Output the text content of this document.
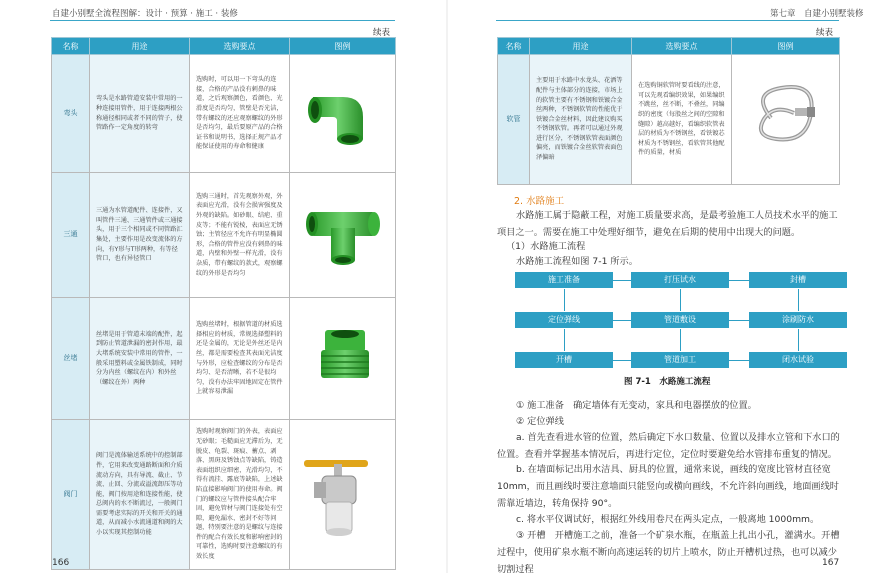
自建小别墅全流程图解：设计 · 预算 · 施工 · 装修
续表
名称	用途	选购要点	图例
弯头	弯头是水路管道安装中常用的一种连接用管件，用于连接两根公称通径相同或者不同的管子，使管路作一定角度的转弯	选购时，可以用一下弯头的连接，合格的产品没有刺鼻的味道，之后观察颜色，看颜色、光滑度是否均匀，管壁是否光洁，带有螺纹的还应观察螺纹的外形是否均匀，最后要原产品的合格证书和说明书，选择正规产品才能保证使用的寿命和健康	
三通	三通为水管道配件、连接件，又叫管件三通、三通管件或三通接头，用于三个相同或不同管路汇集处，主要作用是改变流体的方向，有Y形与T形两种，有等径管口，也有异径管口	选购三通时，首先观察外观，外表面应光滑，没有会损害强度及外观的缺陷。如砂眼、结疤、重皮等；不能有锐棱，表面应无锈蚀；主管径应不允许有明显椭圆形，合格的管件应没有刺鼻的味道，内壁和外壁一样光滑，没有杂质，带有螺纹的款式，观察螺纹的外形是否均匀	
丝堵	丝堵是用于管道末端的配件，起到防止管道泄漏的密封作用，最大堵系统安装中常用的管件，一般采用塑料或金属铁制成，同时分为内丝（螺纹在内）和外丝（螺纹在外）两种	选购丝堵时，根据管道的材质选择相应的材质，常规选择塑料的还是金属的，无论是外丝还是内丝，都是需要检查其表面光洁度与外形，应检查螺纹的分布是否均匀、是否清晰，若不是很均匀，没有办法牢固地固定在管件上就容易泄漏	
阀门	阀门是流体输送系统中的控制部件，它用来改变通路断面和介质流动方向，具有导流、截止、节流、止回、分流或溢流卸压等功能，阀门按用途和连接性能，使总阀内的水不断流过，一般阀门需要考虑实际的开关和开关的通道，从而减小水流通道和阀的大小以实现其控制功能	选购时观察阀门的外表，表面应无砂眼；毛糙面应无滞后为，无脱皮、龟裂、斑痕、蓄点、剥落、黑斑及锈蚀点等缺陷，铸造表面组织应细密，光滑均匀，不得有流挂、露底等缺陷，上述缺陷直接影响阀门的使用寿命。阀门的螺纹应与管件接头配合牢固，避免管材与阀门连接处有空隙，避免漏水、密封不好等问题，特别要注意的是螺纹与连接件的配合有效长度和影响密封的可靠性，选购时要注意螺纹的有效长度	
166
第七章　自建小别墅装修
续表
名称	用途	选购要点	图例
软管	主要用于水路中水龙头、花洒等配件与主体部分的连接，市场上的软管主要有不锈钢和铁镀合金丝两种，不锈钢软管的性能优于铁镀合金丝材料，因此建议购买不锈钢软管。再者可以通过外观进行区分，不锈钢软管表面颜色偏亮，而铁镀合金丝软管表面色泽偏暗	在选购铜软管时要看线的注意，可以先观看编织效果，如果编织不跳丝，丝不断，不叠丝，同编织的密度（每股丝之间的空隙和缝隙）越高越好，看编织软管表层的材质为不锈钢丝，看铁镀芯材质为不锈钢丝，看软管其他配件的质量，材质	
2. 水路施工
水路施工属于隐蔽工程，对施工质量要求高，是最考验施工人员技术水平的施工项目之一。需要在施工中处理好细节，避免在后期的使用中出现大的问题。
（1）水路施工流程
水路施工流程如图 7-1 所示。
施工准备	打压试水	封槽
定位弹线	管道敷设	涂刷防水
开槽	管道加工	闭水试验
图 7-1　水路施工流程
① 施工准备　确定墙体有无变动，家具和电器摆放的位置。
② 定位弹线
a. 首先查看进水管的位置，然后确定下水口数量、位置以及排水立管和下水口的位置。查看并掌握基本情况后，再进行定位，定位时要避免给水管排布重复的情况。
b. 在墙面标记出用水洁具、厨具的位置，通常来说，画线的宽度比管材直径宽 10mm，而且画线时要注意墙面只能竖向或横向画线，不允许斜向画线，地面画线时需靠近墙边，转角保持 90°。
c. 将水平仪调试好，根据红外线用卷尺在两头定点，一般离地 1000mm。
③ 开槽　开槽施工之前，准备一个矿泉水瓶，在瓶盖上扎出小孔，灌满水。开槽过程中，使用矿泉水瓶不断向高速运转的切片上喷水，防止开槽机过热，也可以减少切割过程
167
